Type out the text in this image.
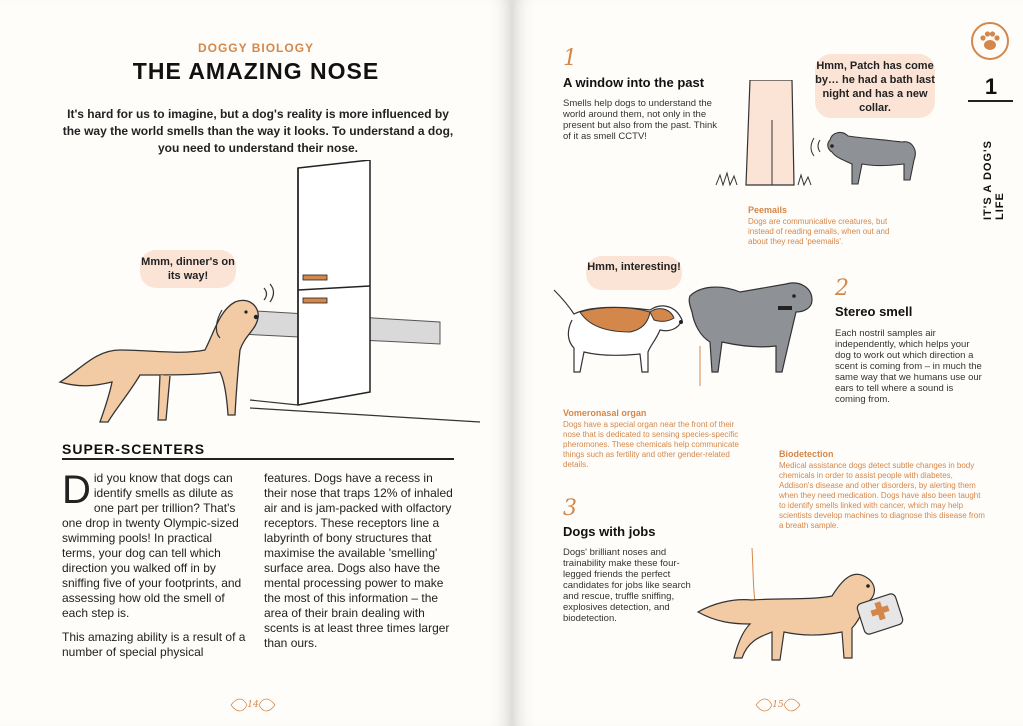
DOGGY BIOLOGY
THE AMAZING NOSE
It's hard for us to imagine, but a dog's reality is more influenced by the way the world smells than the way it looks. To understand a dog, you need to understand their nose.
Mmm, dinner's on its way!
SUPER-SCENTERS
Did you know that dogs can identify smells as dilute as one part per trillion? That's one drop in twenty Olympic-sized swimming pools! In practical terms, your dog can tell which direction you walked off in by sniffing five of your footprints, and assessing how old the smell of each step is.
This amazing ability is a result of a number of special physical
features. Dogs have a recess in their nose that traps 12% of inhaled air and is jam-packed with olfactory receptors. These receptors line a labyrinth of bony structures that maximise the available 'smelling' surface area. Dogs also have the mental processing power to make the most of this information – the area of their brain dealing with scents is at least three times larger than ours.
14
1
IT'S A DOG'S LIFE
1
A window into the past
Smells help dogs to understand the world around them, not only in the present but also from the past. Think of it as smell CCTV!
Hmm, Patch has come by… he had a bath last night and has a new collar.
Peemails
Dogs are communicative creatures, but instead of reading emails, when out and about they read 'peemails'.
Hmm, interesting!
2
Stereo smell
Each nostril samples air independently, which helps your dog to work out which direction a scent is coming from – in much the same way that we humans use our ears to tell where a sound is coming from.
Vomeronasal organ
Dogs have a special organ near the front of their nose that is dedicated to sensing species-specific pheromones. These chemicals help communicate things such as fertility and other gender-related details.
Biodetection
Medical assistance dogs detect subtle changes in body chemicals in order to assist people with diabetes, Addison's disease and other disorders, by alerting them when they need medication. Dogs have also been taught to identify smells linked with cancer, which may help scientists develop machines to diagnose this disease from a breath sample.
3
Dogs with jobs
Dogs' brilliant noses and trainability make these four-legged friends the perfect candidates for jobs like search and rescue, truffle sniffing, explosives detection, and biodetection.
15
